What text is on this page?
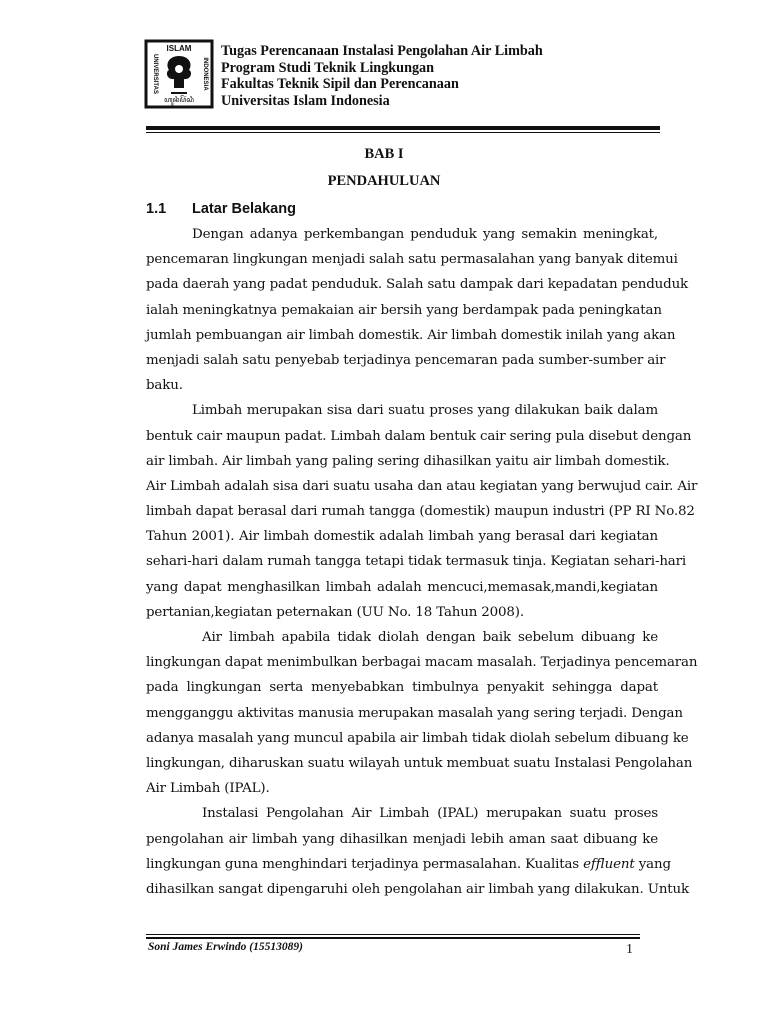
ISLAM
UNIVERSITAS	INDONESIA
ꦲꦸꦤꦶꦥꦼꦂꦱꦶ
Tugas Perencanaan Instalasi Pengolahan Air Limbah
Program Studi Teknik Lingkungan
Fakultas Teknik Sipil dan Perencanaan
Universitas Islam Indonesia
BAB I
PENDAHULUAN
1.1 Latar Belakang
Dengan adanya perkembangan penduduk yang semakin meningkat,
pencemaran lingkungan menjadi salah satu permasalahan yang banyak ditemui
pada daerah yang padat penduduk. Salah satu dampak dari kepadatan penduduk
ialah meningkatnya pemakaian air bersih yang berdampak pada peningkatan
jumlah pembuangan air limbah domestik. Air limbah domestik inilah yang akan
menjadi salah satu penyebab terjadinya pencemaran pada sumber-sumber air
baku.
Limbah merupakan sisa dari suatu proses yang dilakukan baik dalam
bentuk cair maupun padat. Limbah dalam bentuk cair sering pula disebut dengan
air limbah. Air limbah yang paling sering dihasilkan yaitu air limbah domestik.
Air Limbah adalah sisa dari suatu usaha dan atau kegiatan yang berwujud cair. Air
limbah dapat berasal dari rumah tangga (domestik) maupun industri (PP RI No.82
Tahun 2001). Air limbah domestik adalah limbah yang berasal dari kegiatan
sehari-hari dalam rumah tangga tetapi tidak termasuk tinja. Kegiatan sehari-hari
yang dapat menghasilkan limbah adalah mencuci,memasak,mandi,kegiatan
pertanian,kegiatan peternakan (UU No. 18 Tahun 2008).
Air limbah apabila tidak diolah dengan baik sebelum dibuang ke
lingkungan dapat menimbulkan berbagai macam masalah. Terjadinya pencemaran
pada lingkungan serta menyebabkan timbulnya penyakit sehingga dapat
mengganggu aktivitas manusia merupakan masalah yang sering terjadi. Dengan
adanya masalah yang muncul apabila air limbah tidak diolah sebelum dibuang ke
lingkungan, diharuskan suatu wilayah untuk membuat suatu Instalasi Pengolahan
Air Limbah (IPAL).
Instalasi Pengolahan Air Limbah (IPAL) merupakan suatu proses
pengolahan air limbah yang dihasilkan menjadi lebih aman saat dibuang ke
lingkungan guna menghindari terjadinya permasalahan. Kualitas effluent yang
dihasilkan sangat dipengaruhi oleh pengolahan air limbah yang dilakukan. Untuk
Soni James Erwindo (15513089)	1
